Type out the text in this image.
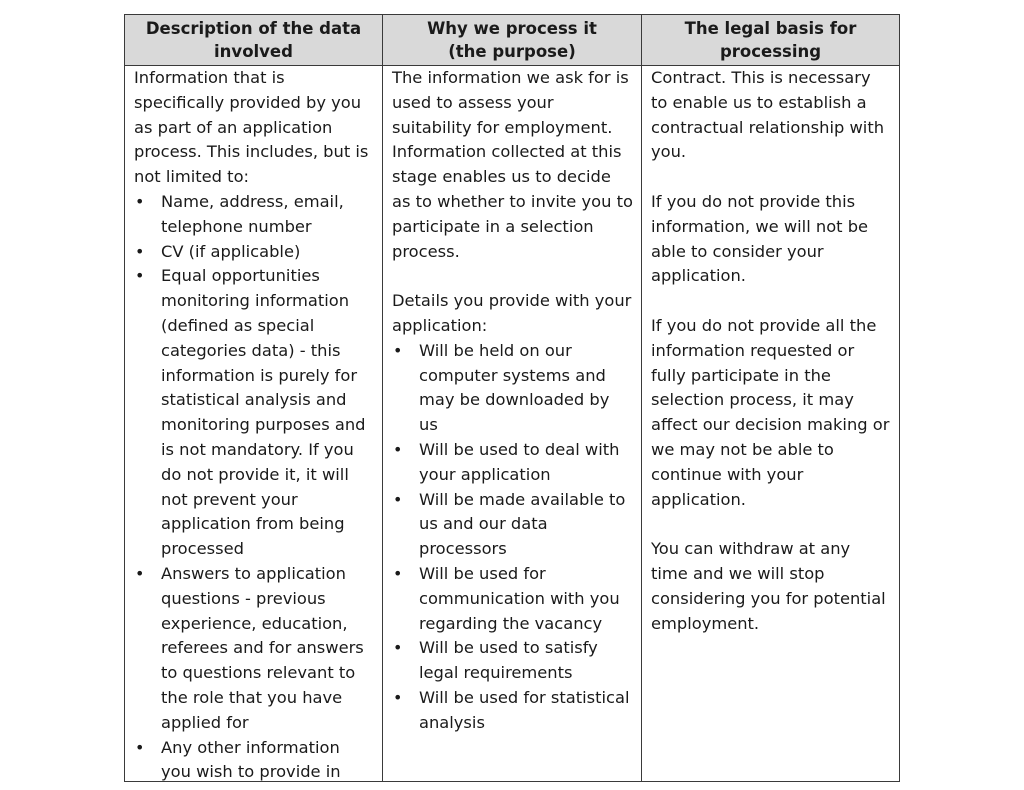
Description of the data
involved
Why we process it
(the purpose)
The legal basis for
processing

Information that is specifically provided by you as part of an application process. This includes, but is not limited to:

• Name, address, email, telephone number
• CV (if applicable)
• Equal opportunities monitoring information (defined as special categories data) - this information is purely for statistical analysis and monitoring purposes and is not mandatory. If you do not provide it, it will not prevent your application from being processed
• Answers to application questions - previous experience, education, referees and for answers to questions relevant to the role that you have applied for
• Any other information you wish to provide in

The information we ask for is used to assess your suitability for employment. Information collected at this stage enables us to decide as to whether to invite you to participate in a selection process.

Details you provide with your application:

• Will be held on our computer systems and may be downloaded by us
• Will be used to deal with your application
• Will be made available to us and our data processors
• Will be used for communication with you regarding the vacancy
• Will be used to satisfy legal requirements
• Will be used for statistical analysis

Contract. This is necessary to enable us to establish a contractual relationship with you.

If you do not provide this information, we will not be able to consider your application.

If you do not provide all the information requested or fully participate in the selection process, it may affect our decision making or we may not be able to continue with your application.

You can withdraw at any time and we will stop considering you for potential employment.
